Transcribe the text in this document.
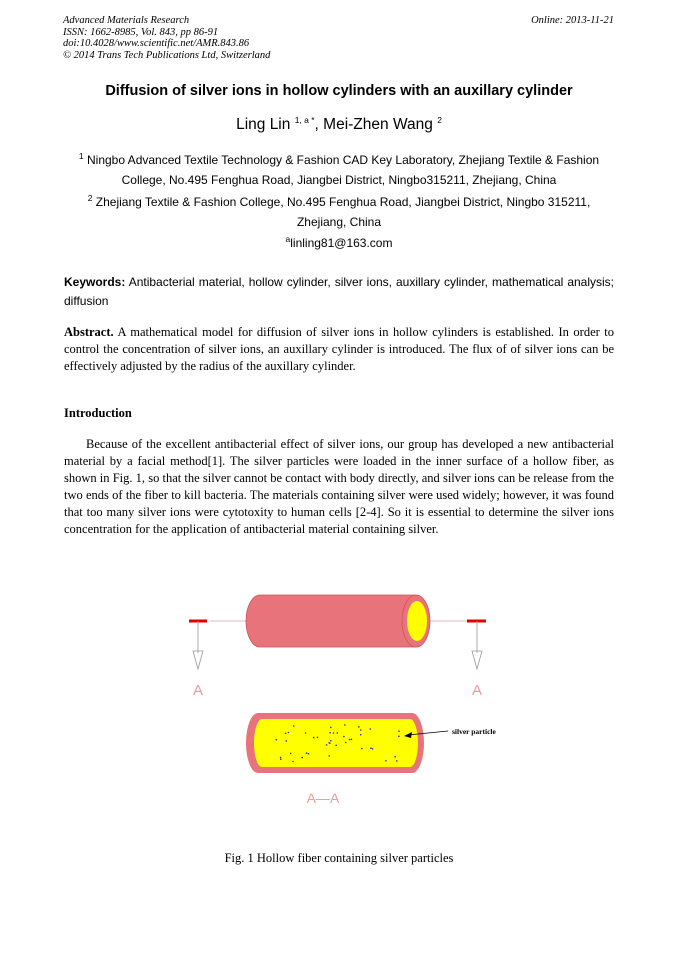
Advanced Materials Research
ISSN: 1662-8985, Vol. 843, pp 86-91
doi:10.4028/www.scientific.net/AMR.843.86
© 2014 Trans Tech Publications Ltd, Switzerland
Online: 2013-11-21
Diffusion of silver ions in hollow cylinders with an auxillary cylinder
Ling Lin $^{1, a *}$, Mei-Zhen Wang $^2$
$^1$ Ningbo Advanced Textile Technology & Fashion CAD Key Laboratory, Zhejiang Textile & Fashion College, No.495 Fenghua Road, Jiangbei District, Ningbo315211, Zhejiang, China
$^2$ Zhejiang Textile & Fashion College, No.495 Fenghua Road, Jiangbei District, Ningbo 315211, Zhejiang, China
$^a$linling81@163.com
Keywords: Antibacterial material, hollow cylinder, silver ions, auxillary cylinder, mathematical analysis; diffusion
Abstract. A mathematical model for diffusion of silver ions in hollow cylinders is established. In order to control the concentration of silver ions, an auxillary cylinder is introduced. The flux of of silver ions can be effectively adjusted by the radius of the auxillary cylinder.
Introduction
Because of the excellent antibacterial effect of silver ions, our group has developed a new antibacterial material by a facial method[1]. The silver particles were loaded in the inner surface of a hollow fiber, as shown in Fig. 1, so that the silver cannot be contact with body directly, and silver ions can be release from the two ends of the fiber to kill bacteria. The materials containing silver were used widely; however, it was found that too many silver ions were cytotoxity to human cells [2-4]. So it is essential to determine the silver ions concentration for the application of antibacterial material containing silver.
A	A
silver particle
A—A
Fig. 1 Hollow fiber containing silver particles
